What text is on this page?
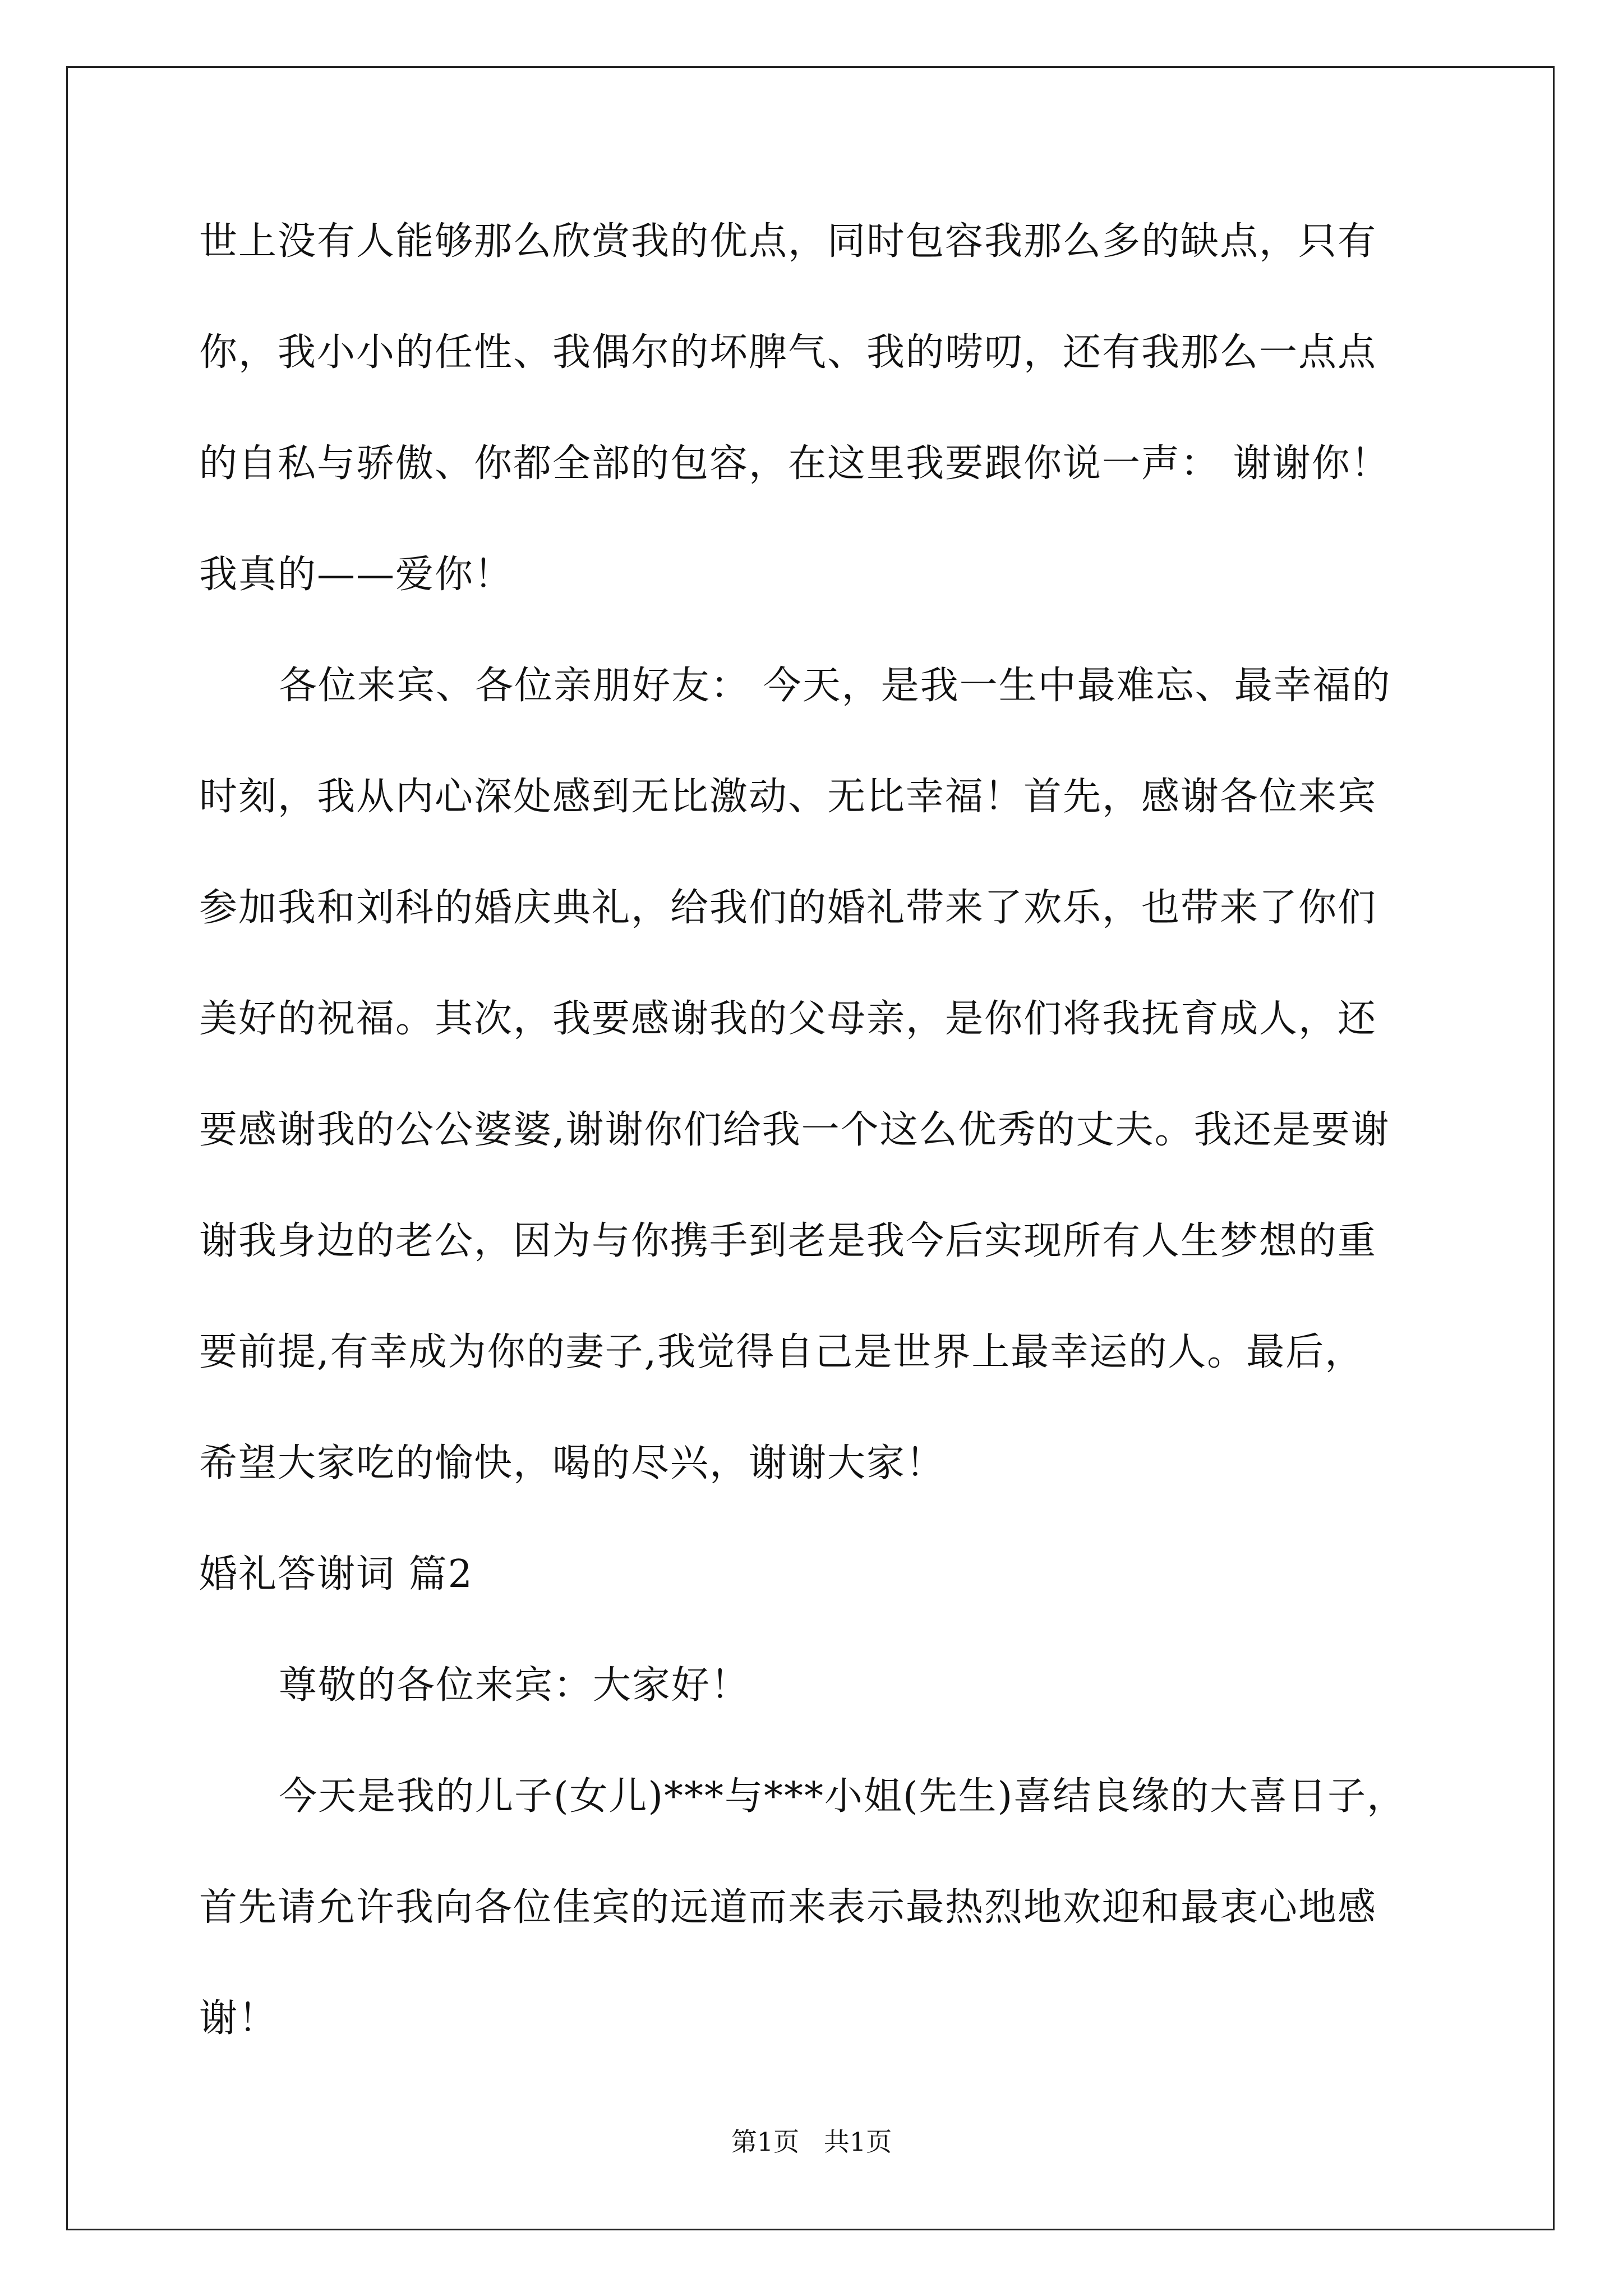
世上没有人能够那么欣赏我的优点，同时包容我那么多的缺点，只有
你，我小小的任性、我偶尔的坏脾气、我的唠叨，还有我那么一点点
的自私与骄傲、你都全部的包容，在这里我要跟你说一声： 谢谢你！
我真的——爱你！
各位来宾、各位亲朋好友： 今天，是我一生中最难忘、最幸福的
时刻，我从内心深处感到无比激动、无比幸福！首先，感谢各位来宾
参加我和刘科的婚庆典礼，给我们的婚礼带来了欢乐，也带来了你们
美好的祝福。其次，我要感谢我的父母亲，是你们将我抚育成人，还
要感谢我的公公婆婆,谢谢你们给我一个这么优秀的丈夫。我还是要谢
谢我身边的老公，因为与你携手到老是我今后实现所有人生梦想的重
要前提,有幸成为你的妻子,我觉得自己是世界上最幸运的人。最后，
希望大家吃的愉快，喝的尽兴，谢谢大家！
婚礼答谢词 篇2
尊敬的各位来宾：大家好！
今天是我的儿子(女儿)***与***小姐(先生)喜结良缘的大喜日子，
首先请允许我向各位佳宾的远道而来表示最热烈地欢迎和最衷心地感
谢！
第1页   共1页
